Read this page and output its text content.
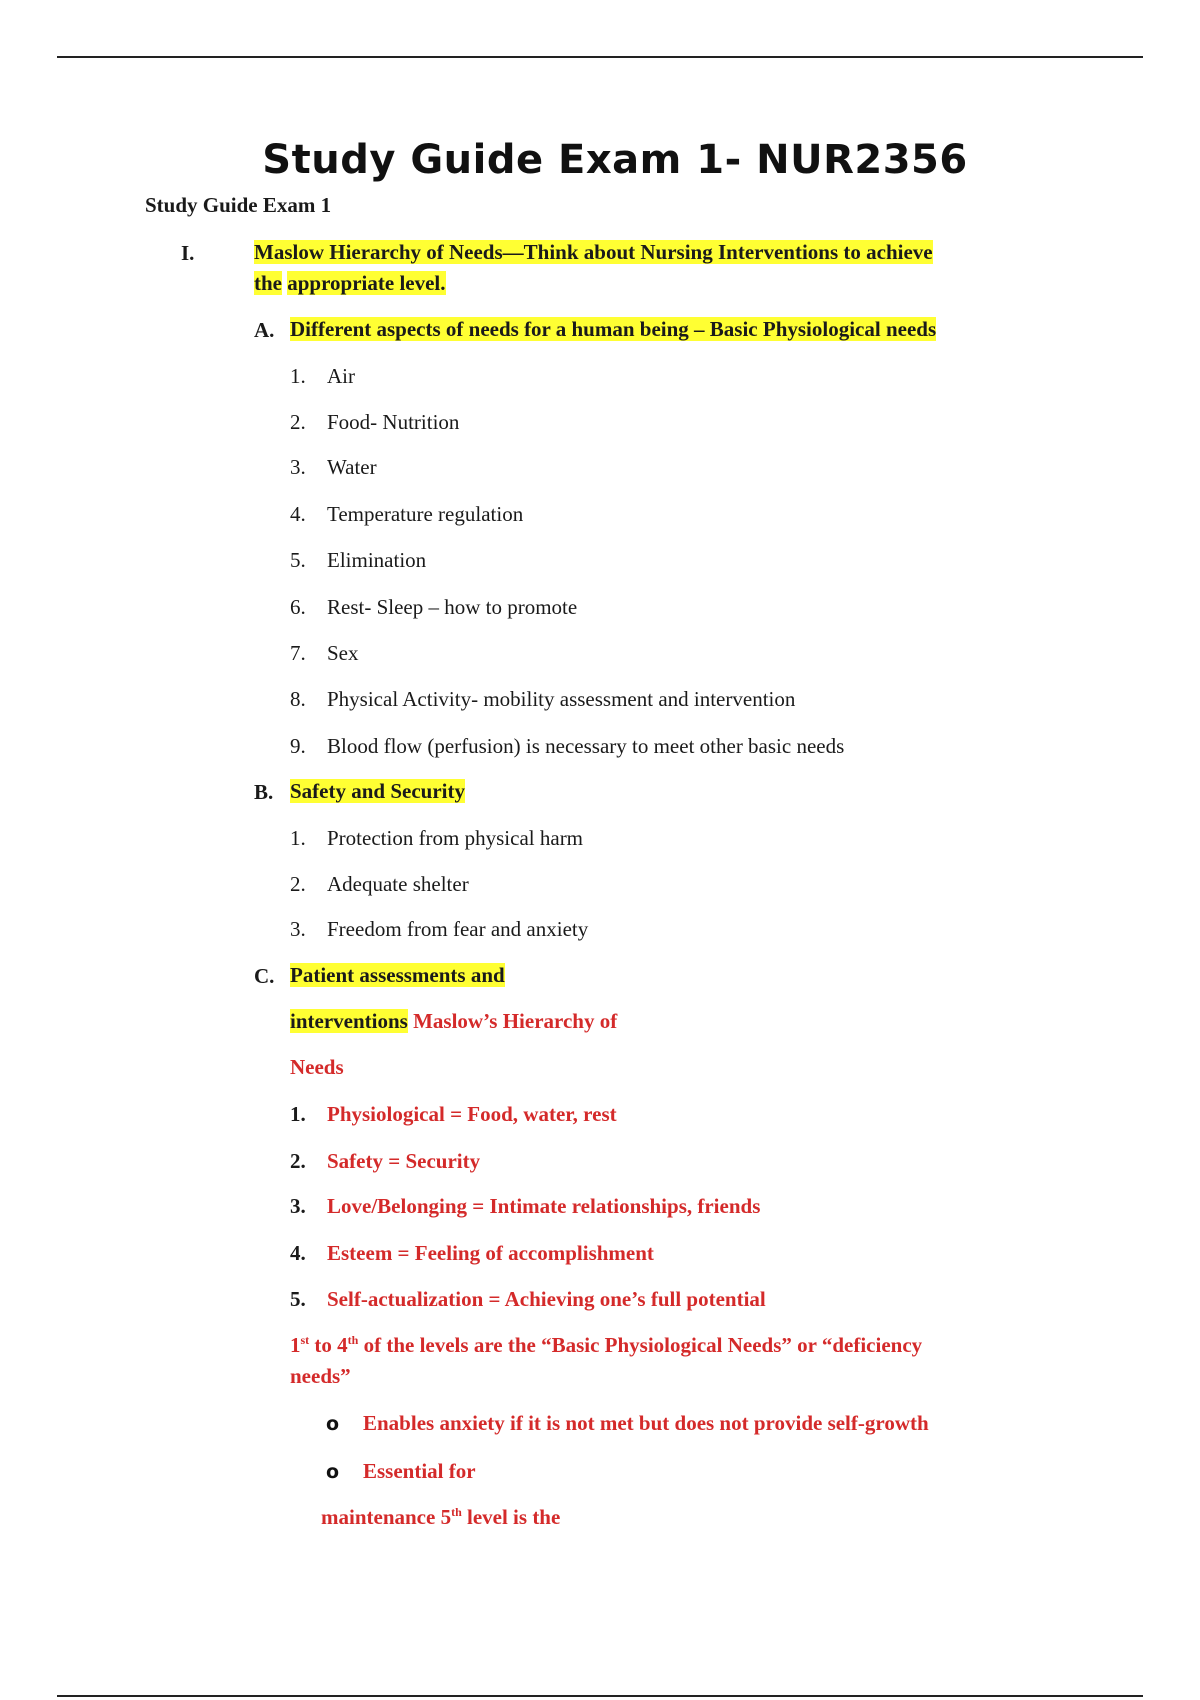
Study Guide Exam 1- NUR2356
Study Guide Exam 1
I.	Maslow Hierarchy of Needs—Think about Nursing Interventions to achieve
the appropriate level.
A. Different aspects of needs for a human being – Basic Physiological needs
1. Air
2. Food- Nutrition
3. Water
4. Temperature regulation
5. Elimination
6. Rest- Sleep – how to promote
7. Sex
8. Physical Activity- mobility assessment and intervention
9. Blood flow (perfusion) is necessary to meet other basic needs
B. Safety and Security
1. Protection from physical harm
2. Adequate shelter
3. Freedom from fear and anxiety
C. Patient assessments and
interventions Maslow’s Hierarchy of
Needs
1. Physiological = Food, water, rest
2. Safety = Security
3. Love/Belonging = Intimate relationships, friends
4. Esteem = Feeling of accomplishment
5. Self-actualization = Achieving one’s full potential
1st to 4th of the levels are the “Basic Physiological Needs” or “deficiency
needs”
o Enables anxiety if it is not met but does not provide self-growth
o Essential for
maintenance 5th level is the
